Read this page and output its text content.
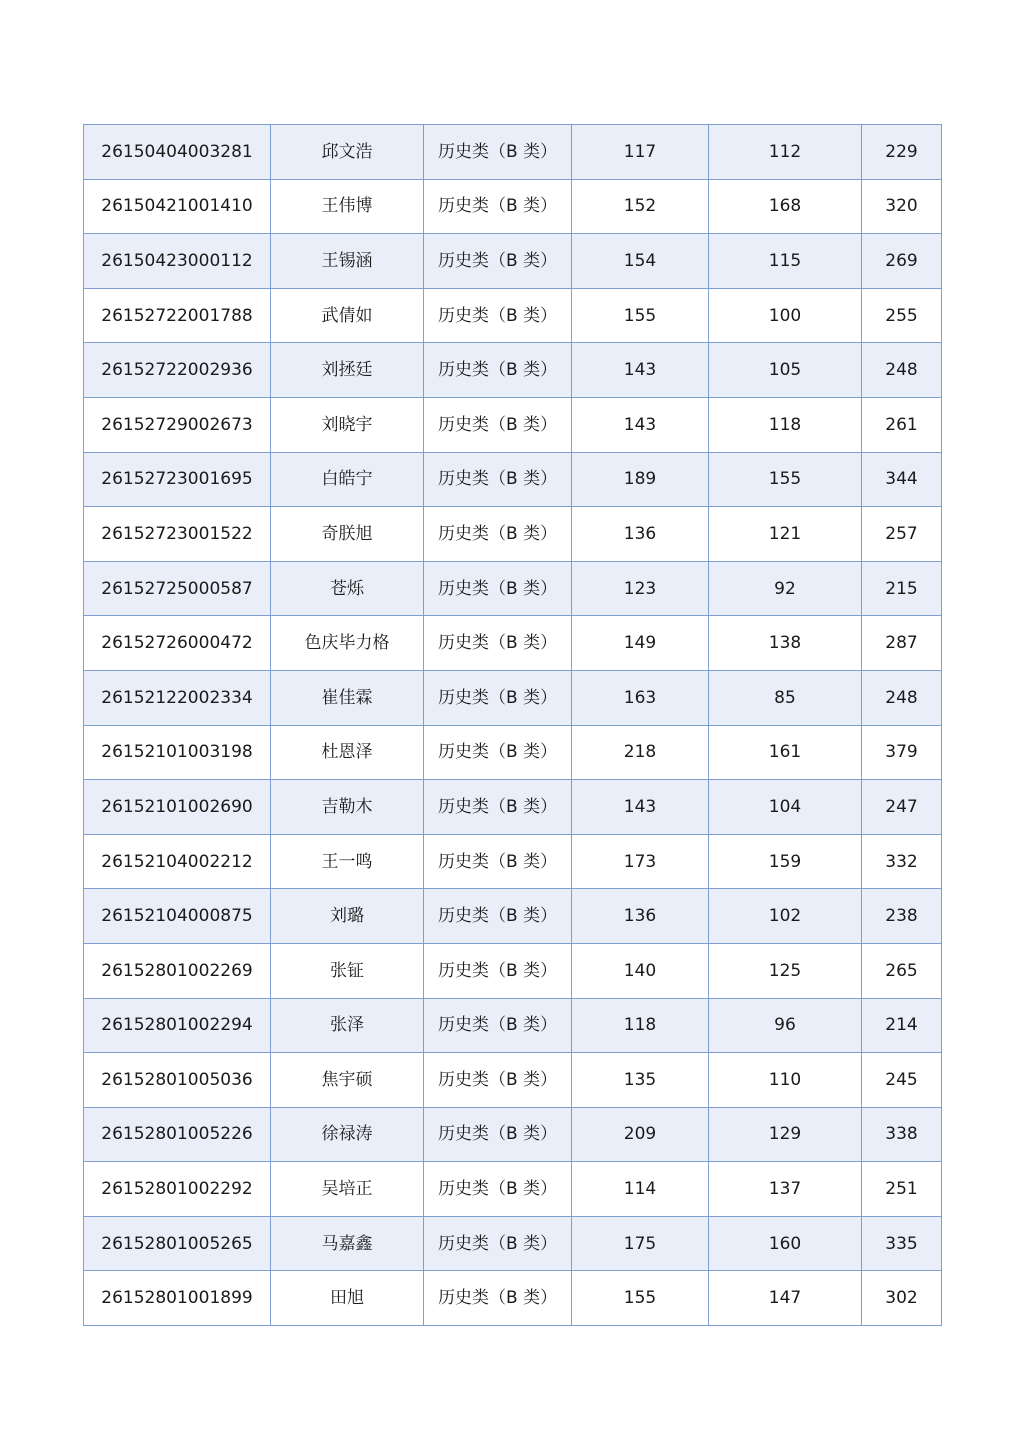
26150404003281	邱文浩	历史类（B 类）	117	112	229
26150421001410	王伟博	历史类（B 类）	152	168	320
26150423000112	王锡涵	历史类（B 类）	154	115	269
26152722001788	武倩如	历史类（B 类）	155	100	255
26152722002936	刘拯廷	历史类（B 类）	143	105	248
26152729002673	刘晓宇	历史类（B 类）	143	118	261
26152723001695	白皓宁	历史类（B 类）	189	155	344
26152723001522	奇朕旭	历史类（B 类）	136	121	257
26152725000587	苍烁	历史类（B 类）	123	92	215
26152726000472	色庆毕力格	历史类（B 类）	149	138	287
26152122002334	崔佳霖	历史类（B 类）	163	85	248
26152101003198	杜恩泽	历史类（B 类）	218	161	379
26152101002690	吉勒木	历史类（B 类）	143	104	247
26152104002212	王一鸣	历史类（B 类）	173	159	332
26152104000875	刘璐	历史类（B 类）	136	102	238
26152801002269	张钲	历史类（B 类）	140	125	265
26152801002294	张泽	历史类（B 类）	118	96	214
26152801005036	焦宇硕	历史类（B 类）	135	110	245
26152801005226	徐禄涛	历史类（B 类）	209	129	338
26152801002292	吴培正	历史类（B 类）	114	137	251
26152801005265	马嘉鑫	历史类（B 类）	175	160	335
26152801001899	田旭	历史类（B 类）	155	147	302
